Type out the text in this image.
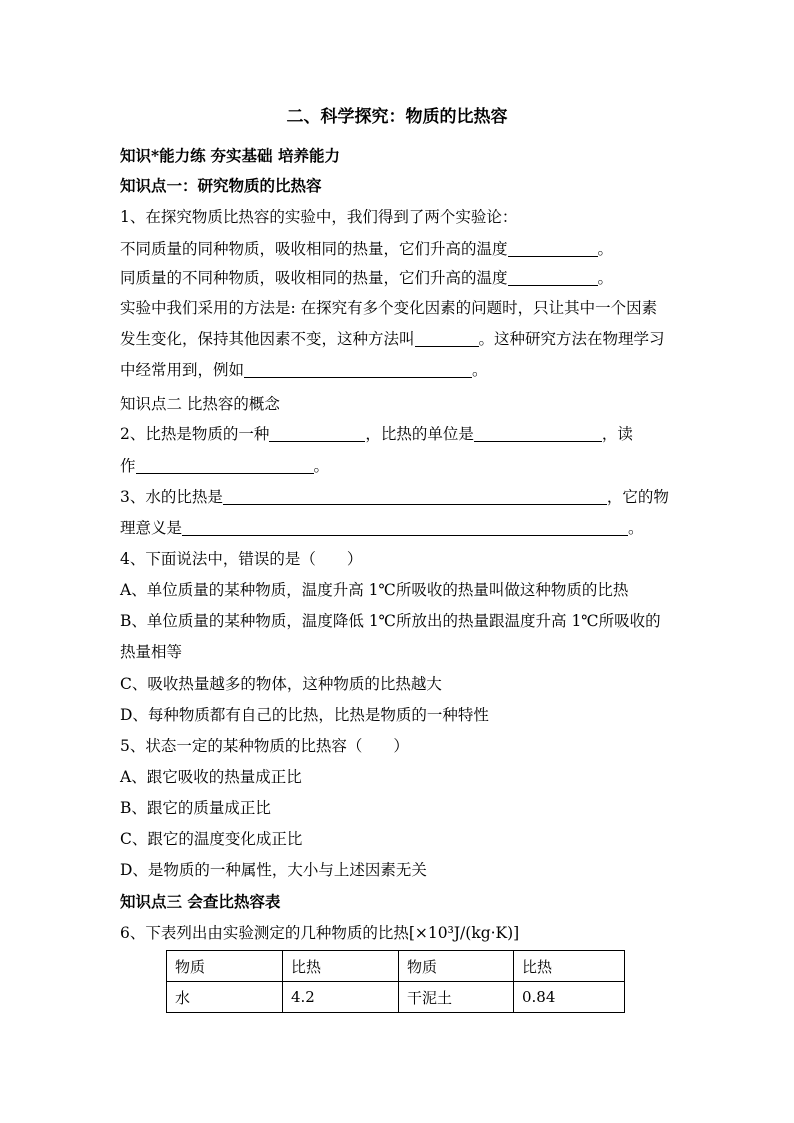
二、科学探究：物质的比热容
知识*能力练 夯实基础 培养能力
知识点一：研究物质的比热容
1、在探究物质比热容的实验中，我们得到了两个实验论：
不同质量的同种物质，吸收相同的热量，它们升高的温度	。
同质量的不同种物质，吸收相同的热量，它们升高的温度	。
实验中我们采用的方法是: 在探究有多个变化因素的问题时，只让其中一个因素
发生变化，保持其他因素不变，这种方法叫	。这种研究方法在物理学习
中经常用到，例如	。
知识点二 比热容的概念
2、比热是物质的一种	，比热的单位是	，读
作	。
3、水的比热是	，它的物
理意义是	。
4、下面说法中，错误的是（　　）
A、单位质量的某种物质，温度升高 1℃所吸收的热量叫做这种物质的比热
B、单位质量的某种物质，温度降低 1℃所放出的热量跟温度升高 1℃所吸收的
热量相等
C、吸收热量越多的物体，这种物质的比热越大
D、每种物质都有自己的比热，比热是物质的一种特性
5、状态一定的某种物质的比热容（　　）
A、跟它吸收的热量成正比
B、跟它的质量成正比
C、跟它的温度变化成正比
D、是物质的一种属性，大小与上述因素无关
知识点三 会查比热容表
6、下表列出由实验测定的几种物质的比热[×10³J/(kg·K)]
物质	比热	物质	比热
水	4.2	干泥土	0.84
